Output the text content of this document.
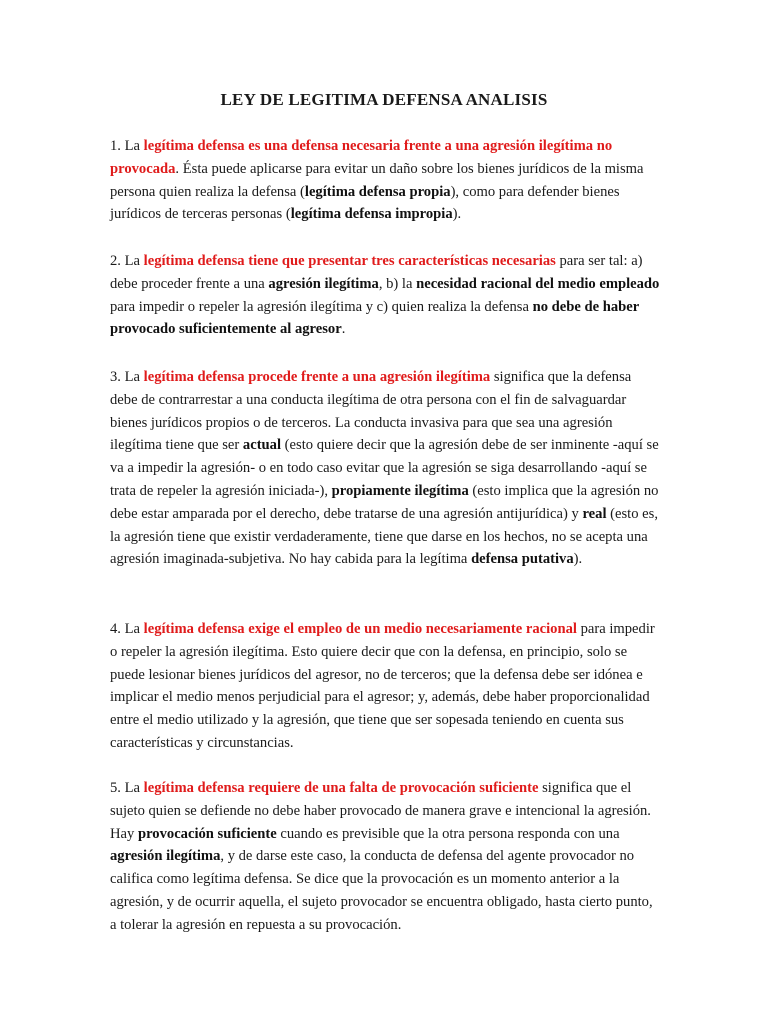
LEY DE LEGITIMA DEFENSA ANALISIS

1. La legítima defensa es una defensa necesaria frente a una agresión ilegítima no provocada. Ésta puede aplicarse para evitar un daño sobre los bienes jurídicos de la misma persona quien realiza la defensa (legítima defensa propia), como para defender bienes jurídicos de terceras personas (legítima defensa impropia).

2. La legítima defensa tiene que presentar tres características necesarias para ser tal: a) debe proceder frente a una agresión ilegítima, b) la necesidad racional del medio empleado para impedir o repeler la agresión ilegítima y c) quien realiza la defensa no debe de haber provocado suficientemente al agresor.

3. La legítima defensa procede frente a una agresión ilegítima significa que la defensa debe de contrarrestar a una conducta ilegítima de otra persona con el fin de salvaguardar bienes jurídicos propios o de terceros. La conducta invasiva para que sea una agresión ilegítima tiene que ser actual (esto quiere decir que la agresión debe de ser inminente -aquí se va a impedir la agresión- o en todo caso evitar que la agresión se siga desarrollando -aquí se trata de repeler la agresión iniciada-), propiamente ilegítima (esto implica que la agresión no debe estar amparada por el derecho, debe tratarse de una agresión antijurídica) y real (esto es, la agresión tiene que existir verdaderamente, tiene que darse en los hechos, no se acepta una agresión imaginada-subjetiva. No hay cabida para la legítima defensa putativa).

4. La legítima defensa exige el empleo de un medio necesariamente racional para impedir o repeler la agresión ilegítima. Esto quiere decir que con la defensa, en principio, solo se puede lesionar bienes jurídicos del agresor, no de terceros; que la defensa debe ser idónea e implicar el medio menos perjudicial para el agresor; y, además, debe haber proporcionalidad entre el medio utilizado y la agresión, que tiene que ser sopesada teniendo en cuenta sus características y circunstancias.

5. La legítima defensa requiere de una falta de provocación suficiente significa que el sujeto quien se defiende no debe haber provocado de manera grave e intencional la agresión. Hay provocación suficiente cuando es previsible que la otra persona responda con una agresión ilegítima, y de darse este caso, la conducta de defensa del agente provocador no califica como legítima defensa. Se dice que la provocación es un momento anterior a la agresión, y de ocurrir aquella, el sujeto provocador se encuentra obligado, hasta cierto punto, a tolerar la agresión en repuesta a su provocación.
